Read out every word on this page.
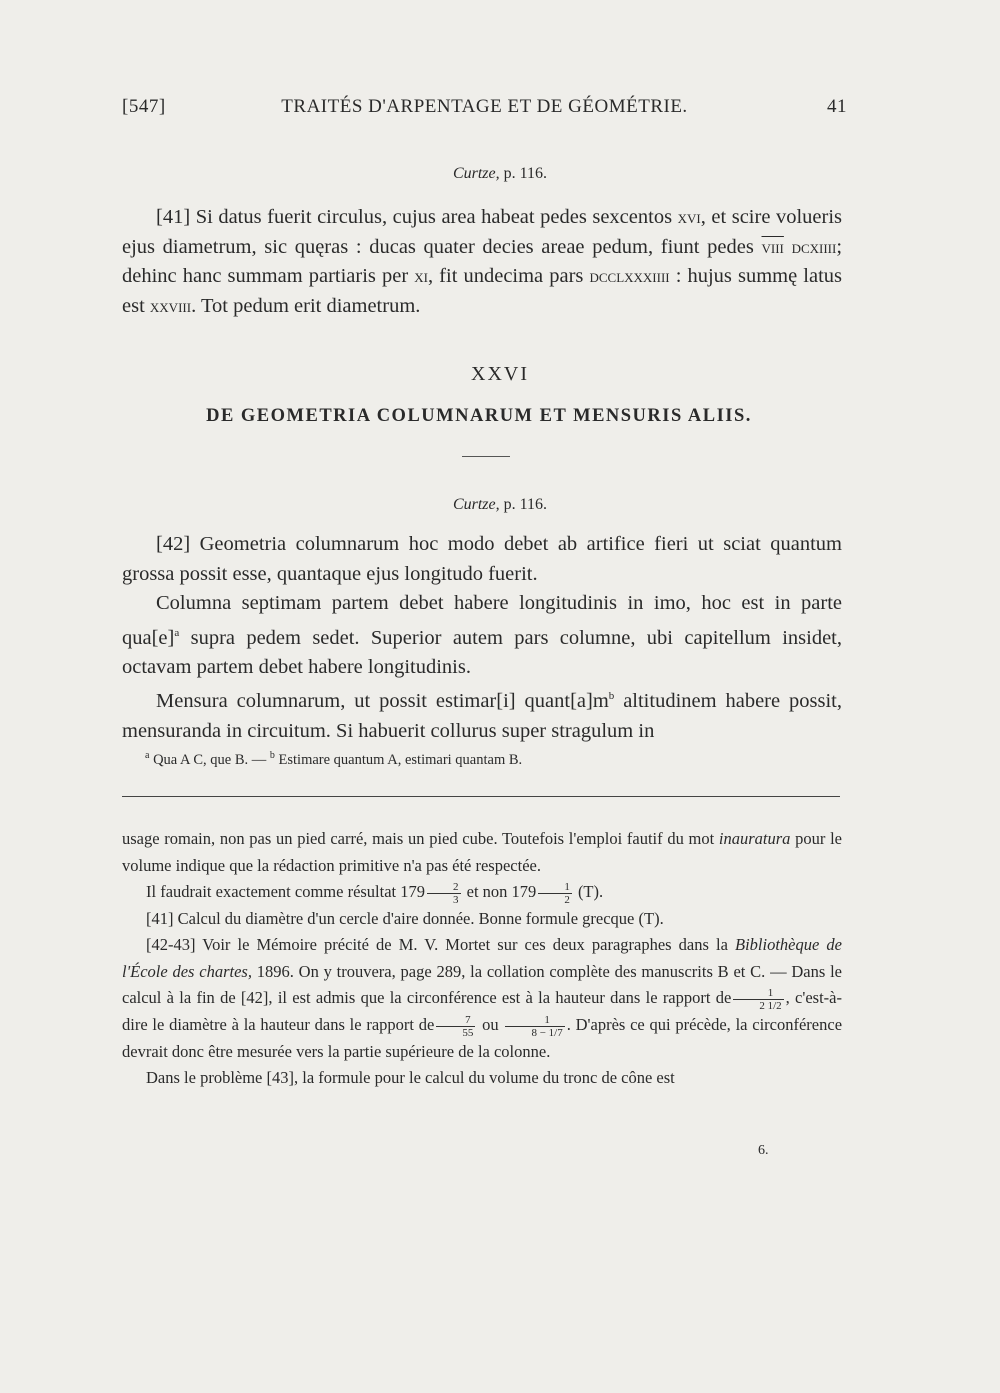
[547]	TRAITÉS D'ARPENTAGE ET DE GÉOMÉTRIE.	41
Curtze, p. 116.

[41] Si datus fuerit circulus, cujus area habeat pedes sexcentos xvi, et scire volueris ejus diametrum, sic quęras : ducas quater decies areae pedum, fiunt pedes viii dcxiiii; dehinc hanc summam partiaris per xi, fit undecima pars dcclxxxiiii : hujus summę latus est xxviii. Tot pedum erit diametrum.

XXVI
DE GEOMETRIA COLUMNARUM ET MENSURIS ALIIS.
Curtze, p. 116.

[42] Geometria columnarum hoc modo debet ab artifice fieri ut sciat quantum grossa possit esse, quantaque ejus longitudo fuerit.

Columna septimam partem debet habere longitudinis in imo, hoc est in parte $qua[e]^a$ supra pedem sedet. Superior autem pars columne, ubi capitellum insidet, octavam partem debet habere longitudinis.

Mensura columnarum, ut possit estimar[i] $quant[a]m^b$ altitudinem habere possit, mensuranda in circuitum. Si habuerit collurus super stragulum in

$^a$ Qua A C, que B. — $^b$ Estimare quantum A, estimari quantam B.

usage romain, non pas un pied carré, mais un pied cube. Toutefois l'emploi fautif du mot inauratura pour le volume indique que la rédaction primitive n'a pas été respectée.

Il faudrait exactement comme résultat $179 \frac{2}{3}$ et non $179 \frac{1}{2} (T)$.

[41] Calcul du diamètre d'un cercle d'aire donnée. Bonne formule grecque (T).

[42-43] Voir le Mémoire précité de M. V. Mortet sur ces deux paragraphes dans la Bibliothèque de l'École des chartes, 1896. On y trouvera, page 289, la collation complète des manuscrits B et C. — Dans le calcul à la fin de [42], il est admis que la circonférence est à la hauteur dans le rapport de $\frac{1}{2 1/2}$ , c'est-à-dire le diamètre à la hauteur dans le rapport de $\frac{7}{55}$ ou $\frac{1}{8 - 1/7}$ . D'après ce qui précède, la circonférence devrait donc être mesurée vers la partie supérieure de la colonne.

Dans le problème [43], la formule pour le calcul du volume du tronc de cône est

6.
